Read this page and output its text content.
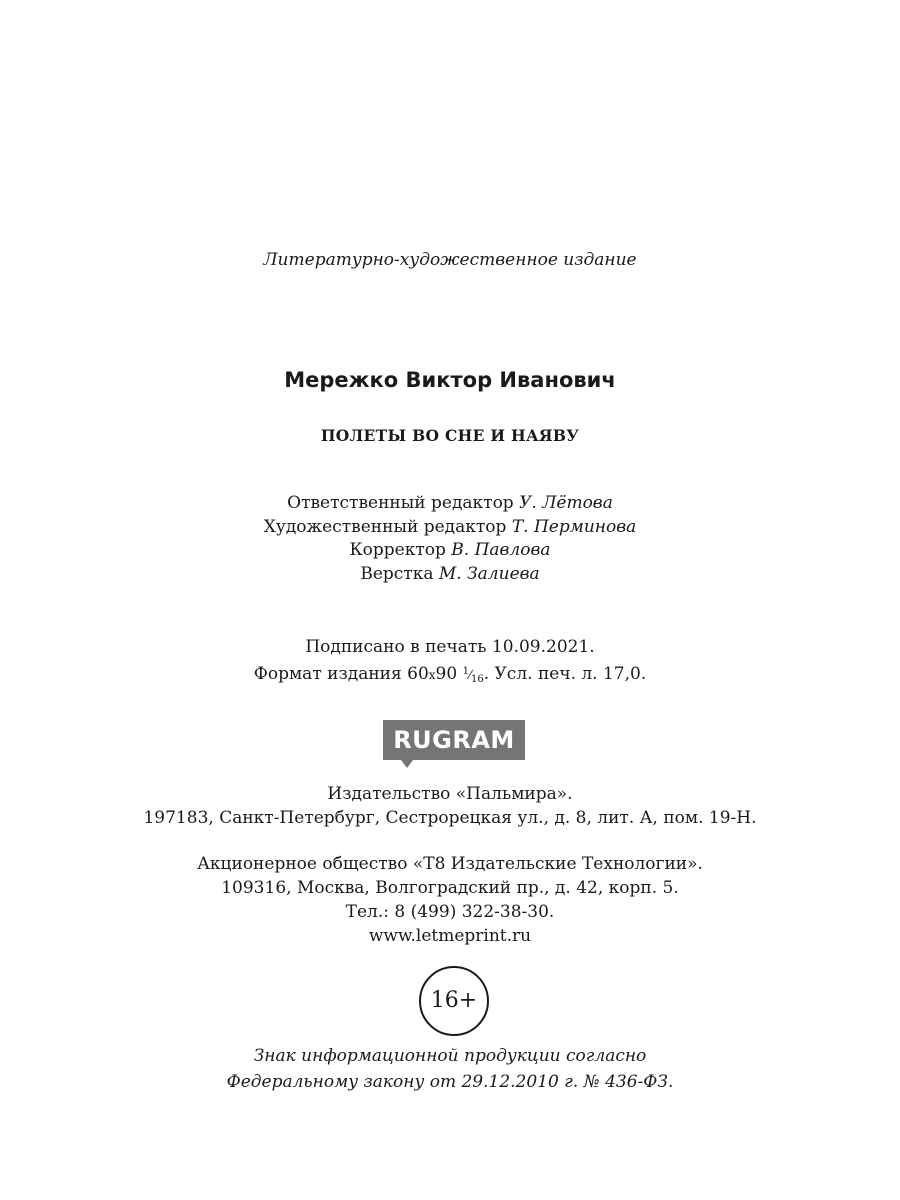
Литературно-художественное издание
Мережко Виктор Иванович
ПОЛЕТЫ ВО СНЕ И НАЯВУ
Ответственный редактор У. Лётова
Художественный редактор Т. Перминова
Корректор В. Павлова
Верстка М. Залиева
Подписано в печать 10.09.2021.
Формат издания 60x90 $^1⁄_{16}$. Усл. печ. л. 17,0.
RUGRAM
Издательство «Пальмира».
197183, Санкт-Петербург, Сестрорецкая ул., д. 8, лит. А, пом. 19-Н.
Акционерное общество «Т8 Издательские Технологии».
109316, Москва, Волгоградский пр., д. 42, корп. 5.
Тел.: 8 (499) 322-38-30.
www.letmeprint.ru
16+
Знак информационной продукции согласно
Федеральному закону от 29.12.2010 г. № 436-ФЗ.
